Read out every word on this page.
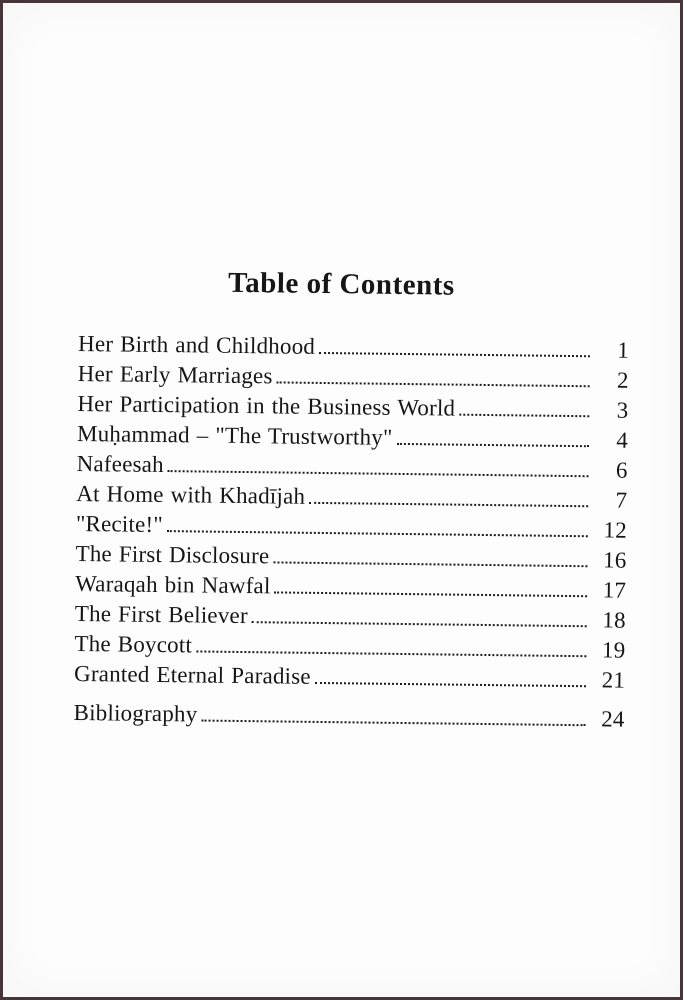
Table of Contents
Her Birth and Childhood	1
Her Early Marriages	2
Her Participation in the Business World	3
Muḥammad – "The Trustworthy"	4
Nafeesah	6
At Home with Khadījah	7
"Recite!"	12
The First Disclosure	16
Waraqah bin Nawfal	17
The First Believer	18
The Boycott	19
Granted Eternal Paradise	21
Bibliography	24
